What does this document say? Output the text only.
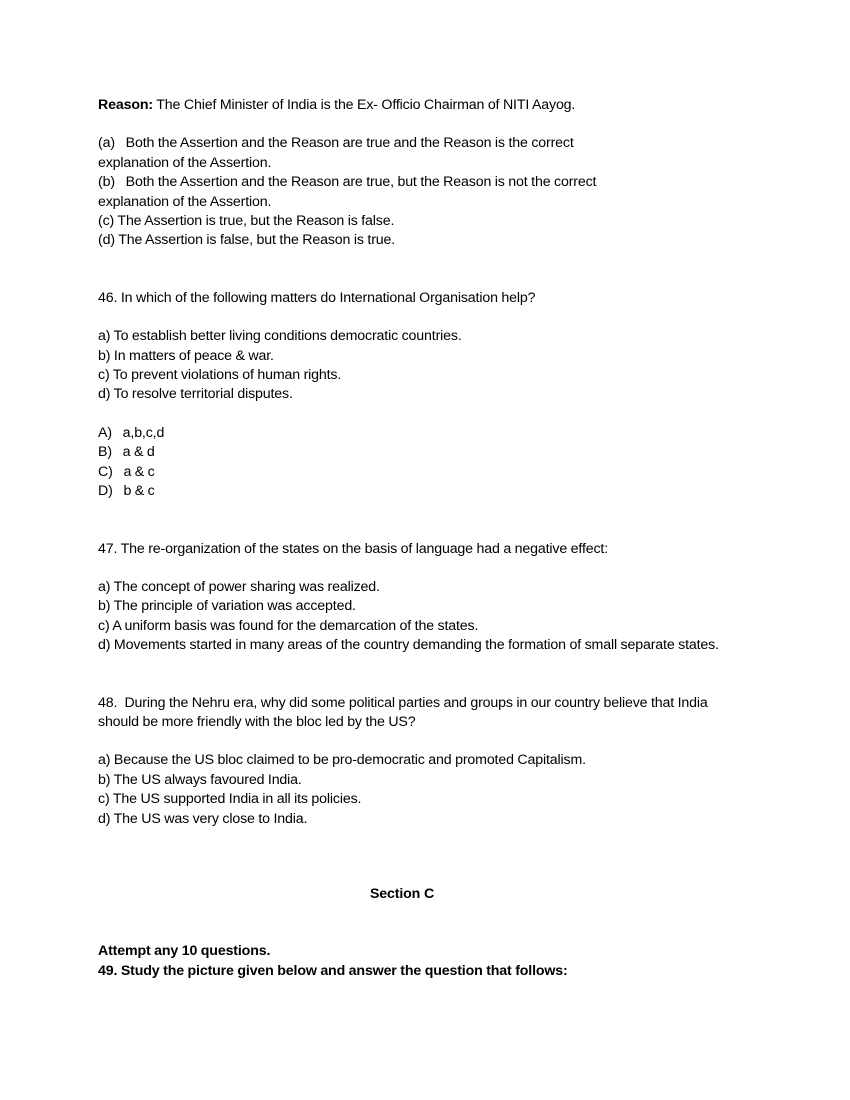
Reason: The Chief Minister of India is the Ex- Officio Chairman of NITI Aayog.
(a)   Both the Assertion and the Reason are true and the Reason is the correct
explanation of the Assertion.
(b)   Both the Assertion and the Reason are true, but the Reason is not the correct
explanation of the Assertion.
(c) The Assertion is true, but the Reason is false.
(d) The Assertion is false, but the Reason is true.
46. In which of the following matters do International Organisation help?
a) To establish better living conditions democratic countries.
b) In matters of peace & war.
c) To prevent violations of human rights.
d) To resolve territorial disputes.
A)   a,b,c,d
B)   a & d
C)   a & c
D)   b & c
47. The re-organization of the states on the basis of language had a negative effect:
a) The concept of power sharing was realized.
b) The principle of variation was accepted.
c) A uniform basis was found for the demarcation of the states.
d) Movements started in many areas of the country demanding the formation of small separate states.
48.  During the Nehru era, why did some political parties and groups in our country believe that India should be more friendly with the bloc led by the US?
a) Because the US bloc claimed to be pro-democratic and promoted Capitalism.
b) The US always favoured India.
c) The US supported India in all its policies.
d) The US was very close to India.
Section C
Attempt any 10 questions.
49. Study the picture given below and answer the question that follows:
